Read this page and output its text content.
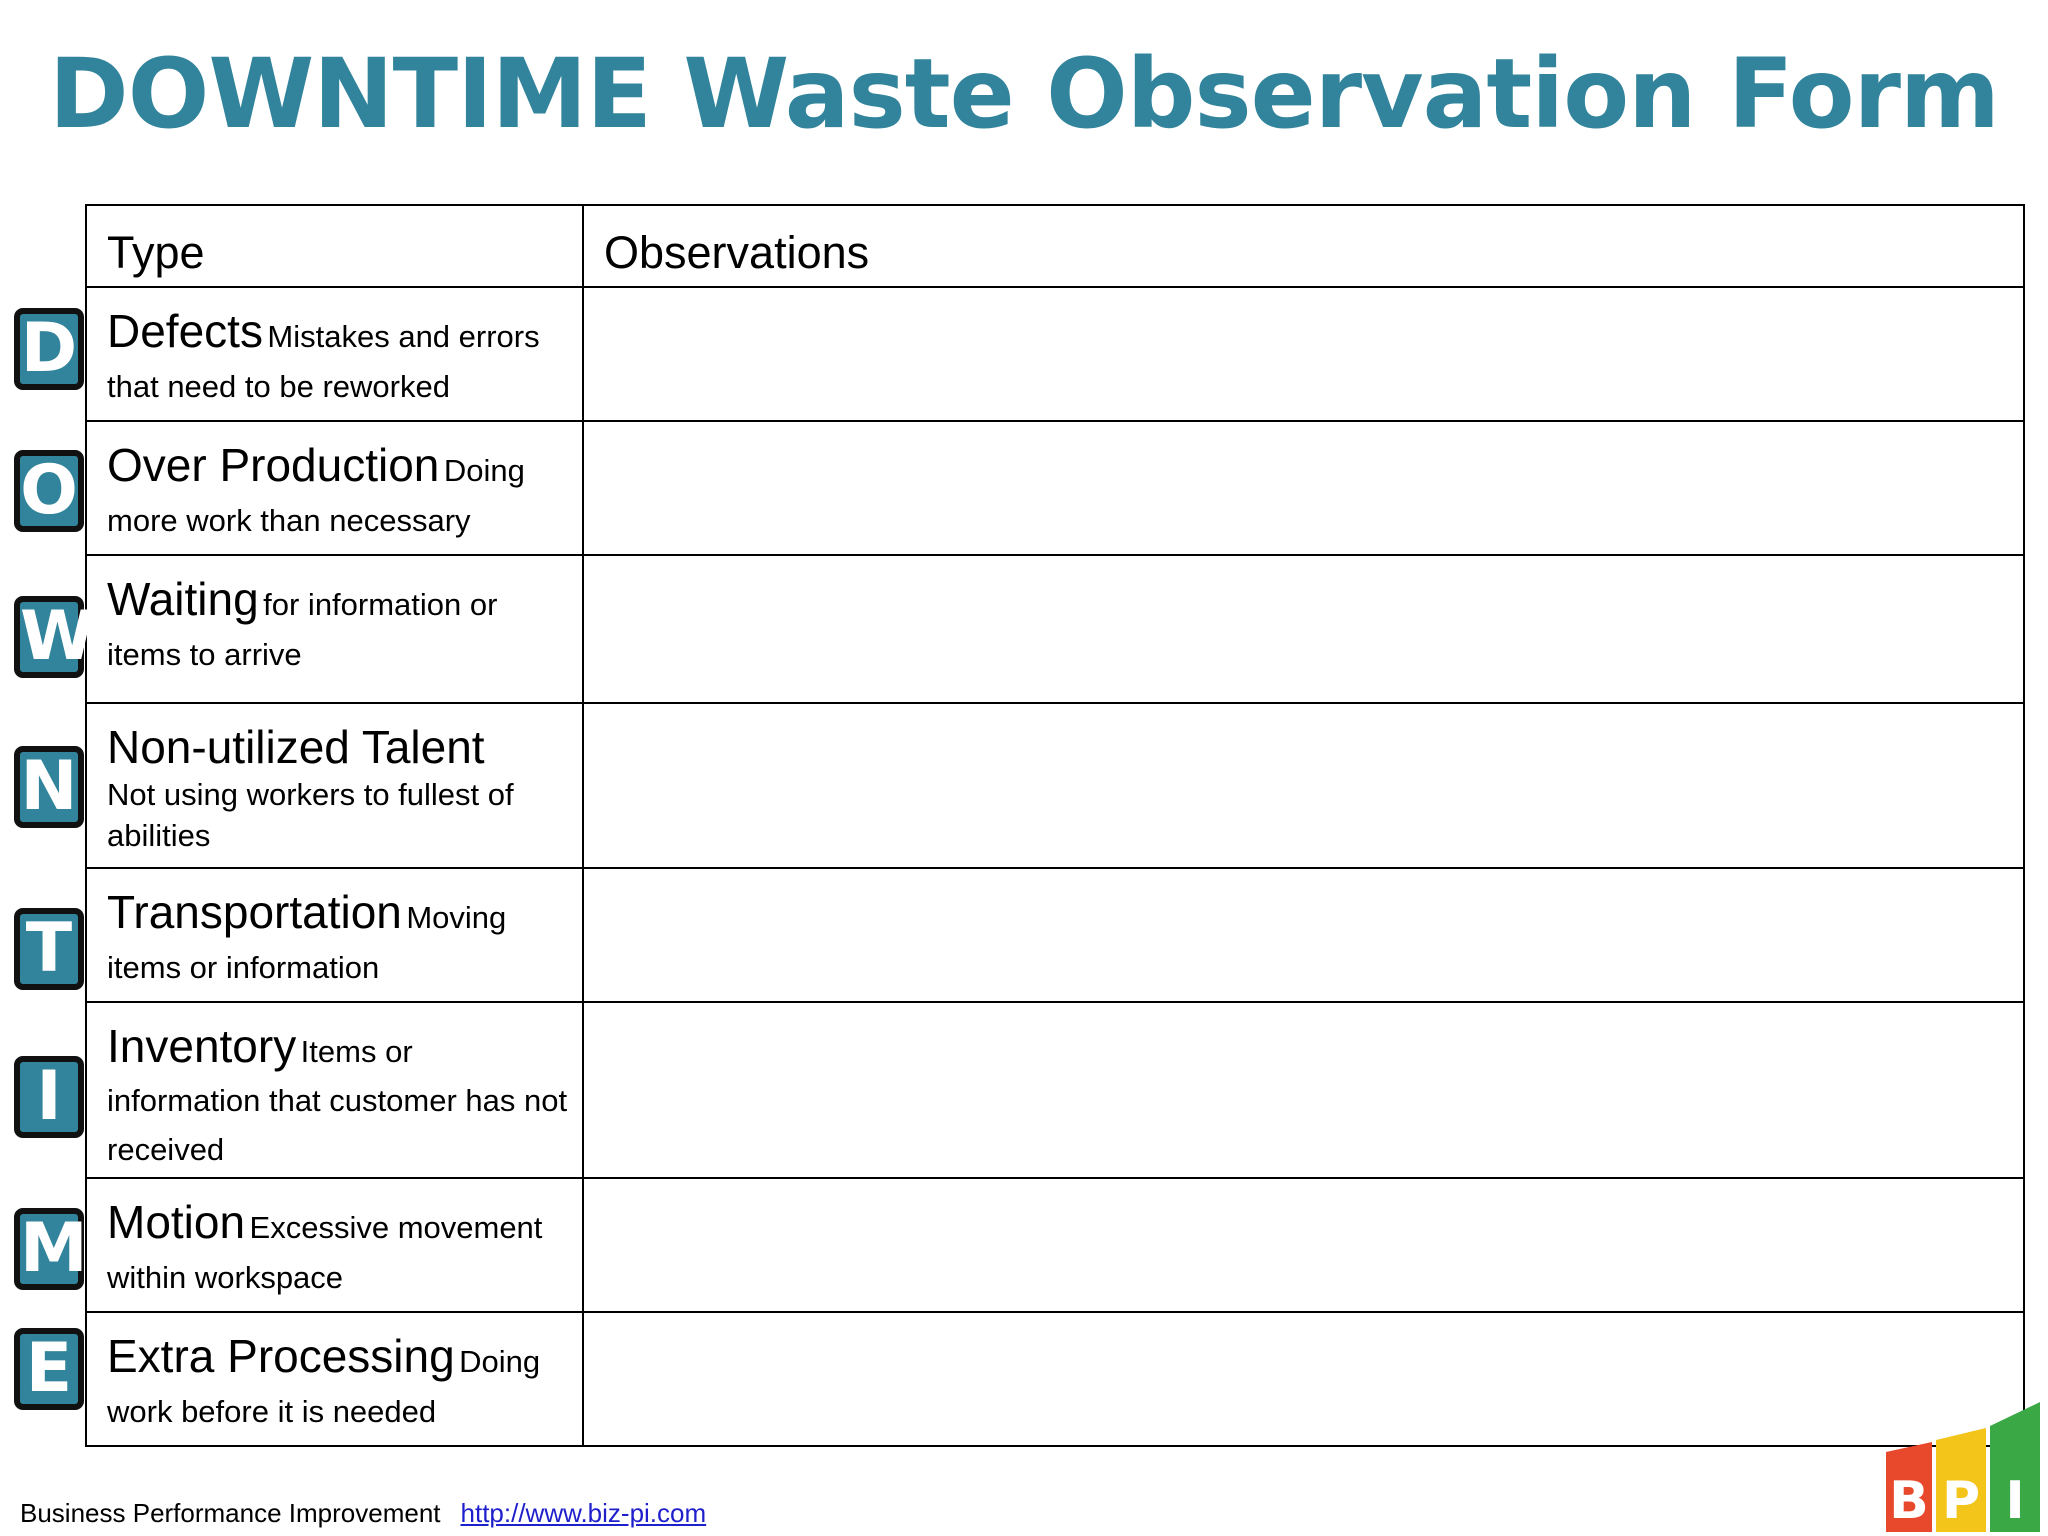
DOWNTIME Waste Observation Form
Type	Observations

Defects Mistakes and errors that need to be reworked	

Over Production Doing more work than necessary	

Waiting for information or items to arrive	

Non-utilized Talent
Not using workers to fullest of abilities	

Transportation Moving items or information	

Inventory Items or information that customer has not received	

Motion Excessive movement within workspace	

Extra Processing Doing work before it is needed	

D
O
W
N
T
I
M
E
Business Performance Improvement http://www.biz-pi.com	B P I
